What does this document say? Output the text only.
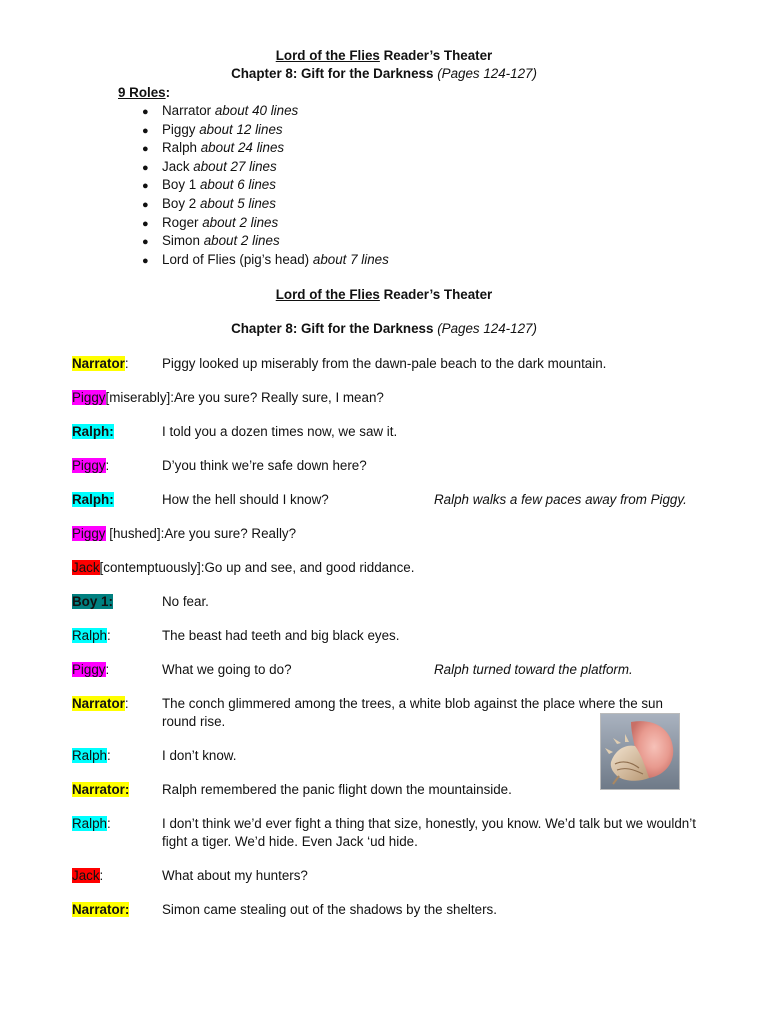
Lord of the Flies Reader’s Theater
Chapter 8: Gift for the Darkness (Pages 124-127)
9 Roles:
● Narrator about 40 lines
● Piggy about 12 lines
● Ralph about 24 lines
● Jack about 27 lines
● Boy 1 about 6 lines
● Boy 2 about 5 lines
● Roger about 2 lines
● Simon about 2 lines
● Lord of Flies (pig’s head) about 7 lines
Lord of the Flies Reader’s Theater
Chapter 8: Gift for the Darkness (Pages 124-127)
Narrator: Piggy looked up miserably from the dawn-pale beach to the dark mountain.
Piggy[miserably]:Are you sure? Really sure, I mean?
Ralph:	I told you a dozen times now, we saw it.
Piggy:	D’you think we’re safe down here?
Ralph:	How the hell should I know?	Ralph walks a few paces away from Piggy.
Piggy [hushed]:Are you sure? Really?
Jack[contemptuously]:Go up and see, and good riddance.
Boy 1:	No fear.
Ralph:	The beast had teeth and big black eyes.
Piggy:	What we going to do?	Ralph turned toward the platform.
Narrator: The conch glimmered among the trees, a white blob against the place where the sun round rise.
Ralph:	I don’t know.
Narrator: Ralph remembered the panic flight down the mountainside.
Ralph:	I don’t think we’d ever fight a thing that size, honestly, you know. We’d talk but we wouldn’t fight a tiger. We’d hide. Even Jack ‘ud hide.
Jack:	What about my hunters?
Narrator: Simon came stealing out of the shadows by the shelters.
